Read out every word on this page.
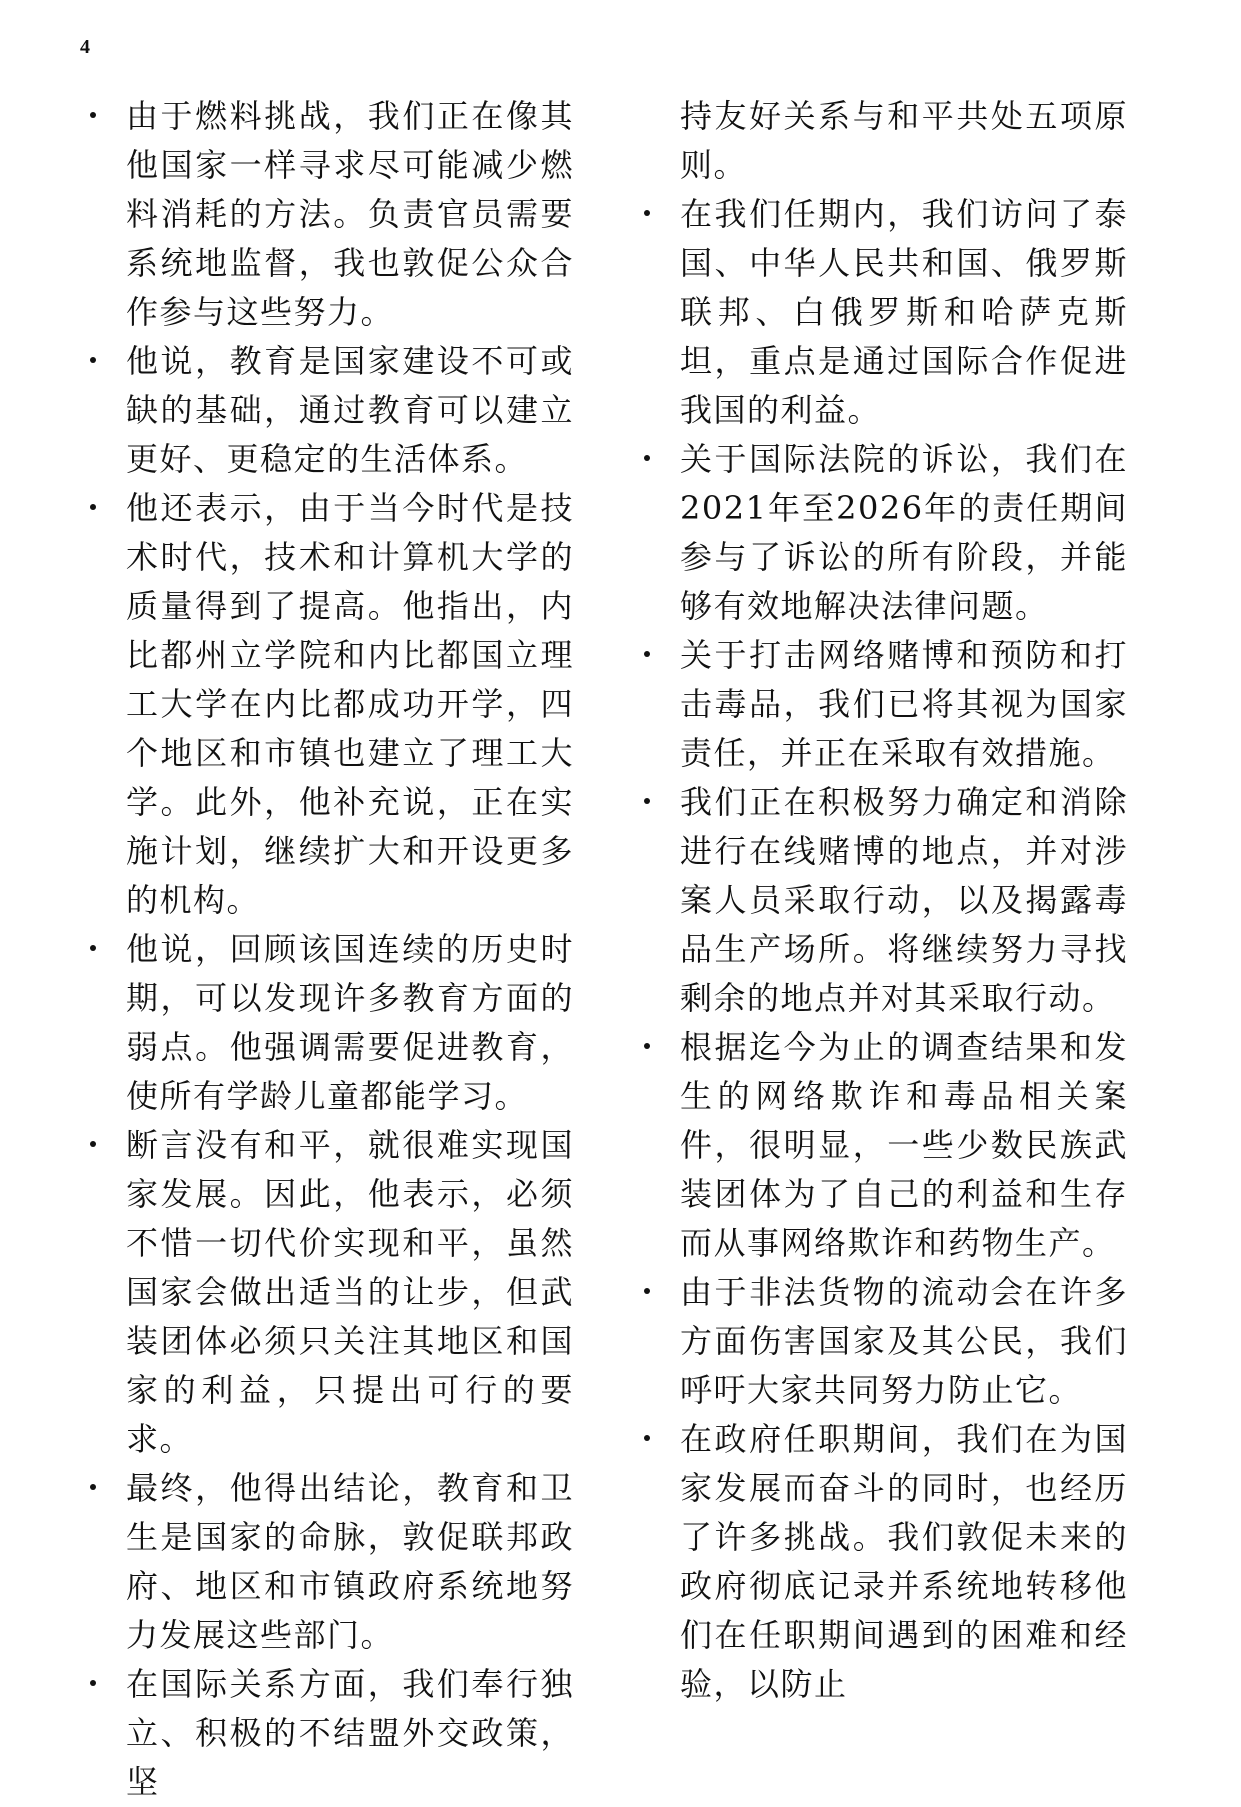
4
由于燃料挑战，我们正在像其他国家一样寻求尽可能减少燃料消耗的方法。负责官员需要系统地监督，我也敦促公众合作参与这些努力。
他说，教育是国家建设不可或缺的基础，通过教育可以建立更好、更稳定的生活体系。
他还表示，由于当今时代是技术时代，技术和计算机大学的质量得到了提高。他指出，内比都州立学院和内比都国立理工大学在内比都成功开学，四个地区和市镇也建立了理工大学。此外，他补充说，正在实施计划，继续扩大和开设更多的机构。
他说，回顾该国连续的历史时期，可以发现许多教育方面的弱点。他强调需要促进教育，使所有学龄儿童都能学习。
断言没有和平，就很难实现国家发展。因此，他表示，必须不惜一切代价实现和平，虽然国家会做出适当的让步，但武装团体必须只关注其地区和国家的利益，只提出可行的要求。
最终，他得出结论，教育和卫生是国家的命脉，敦促联邦政府、地区和市镇政府系统地努力发展这些部门。
在国际关系方面，我们奉行独立、积极的不结盟外交政策，坚
持友好关系与和平共处五项原则。
在我们任期内，我们访问了泰国、中华人民共和国、俄罗斯联邦、白俄罗斯和哈萨克斯坦，重点是通过国际合作促进我国的利益。
关于国际法院的诉讼，我们在2021年至2026年的责任期间参与了诉讼的所有阶段，并能够有效地解决法律问题。
关于打击网络赌博和预防和打击毒品，我们已将其视为国家责任，并正在采取有效措施。
我们正在积极努力确定和消除进行在线赌博的地点，并对涉案人员采取行动，以及揭露毒品生产场所。将继续努力寻找剩余的地点并对其采取行动。
根据迄今为止的调查结果和发生的网络欺诈和毒品相关案件，很明显，一些少数民族武装团体为了自己的利益和生存而从事网络欺诈和药物生产。
由于非法货物的流动会在许多方面伤害国家及其公民，我们呼吁大家共同努力防止它。
在政府任职期间，我们在为国家发展而奋斗的同时，也经历了许多挑战。我们敦促未来的政府彻底记录并系统地转移他们在任职期间遇到的困难和经验，以防止
